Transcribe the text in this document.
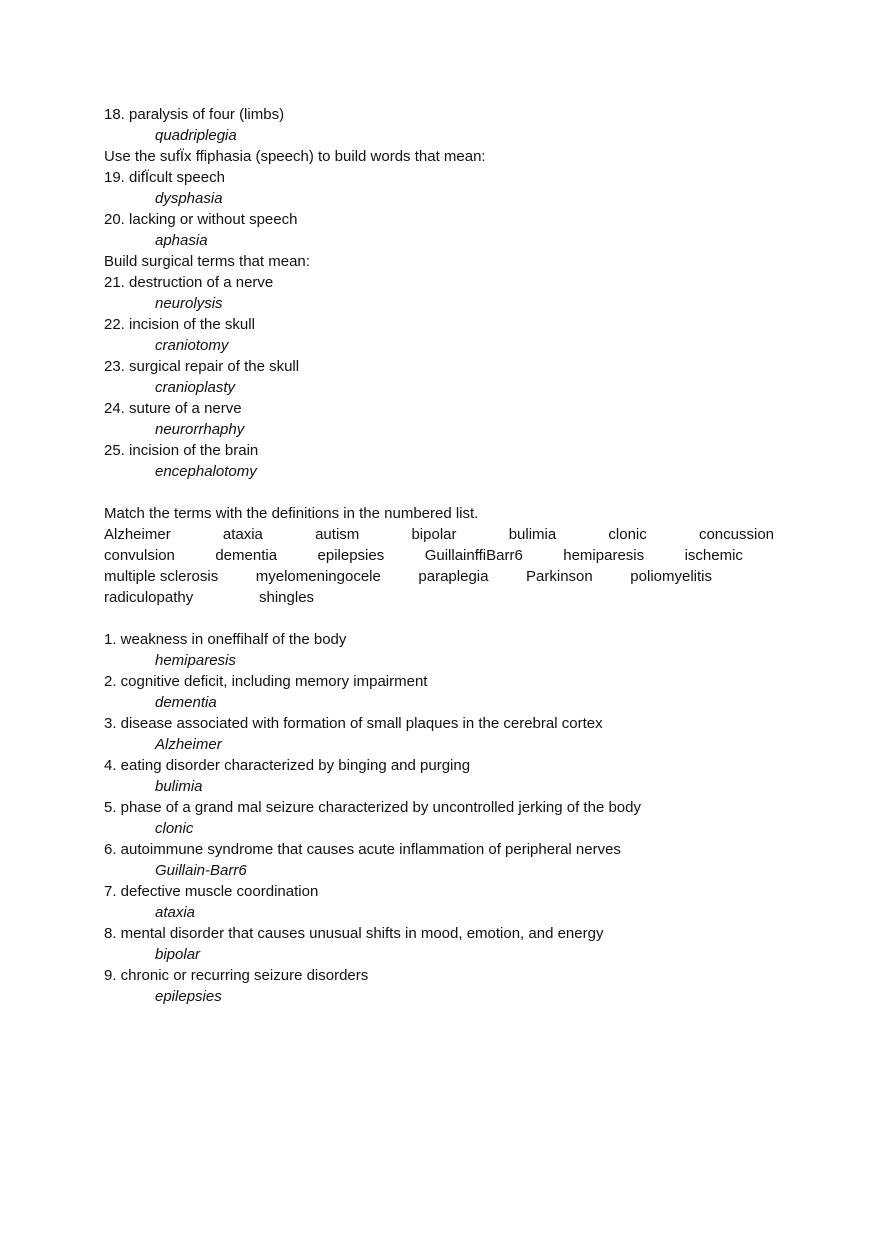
18. paralysis of four (limbs)
quadriplegia
Use the sufÏx ffiphasia (speech) to build words that mean:
19. difÏcult speech
dysphasia
20. lacking or without speech
aphasia
Build surgical terms that mean:
21. destruction of a nerve
neurolysis
22. incision of the skull
craniotomy
23. surgical repair of the skull
cranioplasty
24. suture of a nerve
neurorrhaphy
25. incision of the brain
encephalotomy
Match the terms with the definitions in the numbered list.
Alzheimer	ataxia	autism	bipolar	bulimia	clonic	concussion
convulsion	dementia	epilepsies	GuillainffiBarr6	hemiparesis	ischemic
multiple sclerosis	myelomeningocele	paraplegia	Parkinson	poliomyelitis
radiculopathy	shingles
1. weakness in oneffihalf of the body
hemiparesis
2. cognitive deficit, including memory impairment
dementia
3. disease associated with formation of small plaques in the cerebral cortex
Alzheimer
4. eating disorder characterized by binging and purging
bulimia
5. phase of a grand mal seizure characterized by uncontrolled jerking of the body
clonic
6. autoimmune syndrome that causes acute inflammation of peripheral nerves
Guillain-Barr6
7. defective muscle coordination
ataxia
8. mental disorder that causes unusual shifts in mood, emotion, and energy
bipolar
9. chronic or recurring seizure disorders
epilepsies
